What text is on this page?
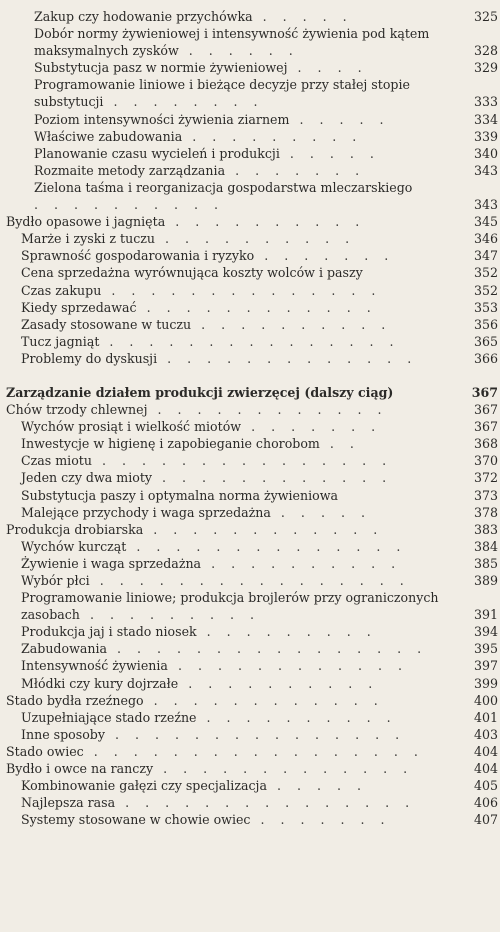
Zakup czy hodowanie przychówka . . . . .	325
Dobór normy żywieniowej i intensywność żywienia pod kątem maksymalnych zysków . . . . . .	328
Substytucja pasz w normie żywieniowej . . . .	329
Programowanie liniowe i bieżące decyzje przy stałej stopie substytucji . . . . . . . .	333
Poziom intensywności żywienia ziarnem . . . . .	334
Właściwe zabudowania . . . . . . . . .	339
Planowanie czasu wycieleń i produkcji . . . . .	340
Rozmaite metody zarządzania . . . . . . .	343
Zielona taśma i reorganizacja gospodarstwa mleczarskiego . . . . . . . . . .	343
Bydło opasowe i jagnięta . . . . . . . . . .	345
Marże i zyski z tuczu . . . . . . . . . .	346
Sprawność gospodarowania i ryzyko . . . . . . .	347
Cena sprzedażna wyrównująca koszty wolców i paszy	352
Czas zakupu . . . . . . . . . . . . . .	352
Kiedy sprzedawać . . . . . . . . . . . .	353
Zasady stosowane w tuczu . . . . . . . . . .	356
Tucz jagniąt . . . . . . . . . . . . . . .	365
Problemy do dyskusji . . . . . . . . . . . . .	366
Zarządzanie działem produkcji zwierzęcej (dalszy ciąg)	367
Chów trzody chlewnej . . . . . . . . . . . .	367
Wychów prosiąt i wielkość miotów . . . . . . .	367
Inwestycje w higienę i zapobieganie chorobom . .	368
Czas miotu . . . . . . . . . . . . . . .	370
Jeden czy dwa mioty . . . . . . . . . . . .	372
Substytucja paszy i optymalna norma żywieniowa	373
Malejące przychody i waga sprzedażna . . . . .	378
Produkcja drobiarska . . . . . . . . . . . .	383
Wychów kurcząt . . . . . . . . . . . . . .	384
Żywienie i waga sprzedażna . . . . . . . . . .	385
Wybór płci . . . . . . . . . . . . . . . .	389
Programowanie liniowe; produkcja brojlerów przy ograniczonych zasobach . . . . . . . . .	391
Produkcja jaj i stado niosek . . . . . . . . .	394
Zabudowania . . . . . . . . . . . . . . . .	395
Intensywność żywienia . . . . . . . . . . . .	397
Młódki czy kury dojrzałe . . . . . . . . . .	399
Stado bydła rzeźnego . . . . . . . . . . . .	400
Uzupełniające stado rzeźne . . . . . . . . . .	401
Inne sposoby . . . . . . . . . . . . . . .	403
Stado owiec . . . . . . . . . . . . . . . . .	404
Bydło i owce na ranczy . . . . . . . . . . . . .	404
Kombinowanie gałęzi czy specjalizacja . . . . .	405
Najlepsza rasa . . . . . . . . . . . . . . .	406
Systemy stosowane w chowie owiec . . . . . . .	407
